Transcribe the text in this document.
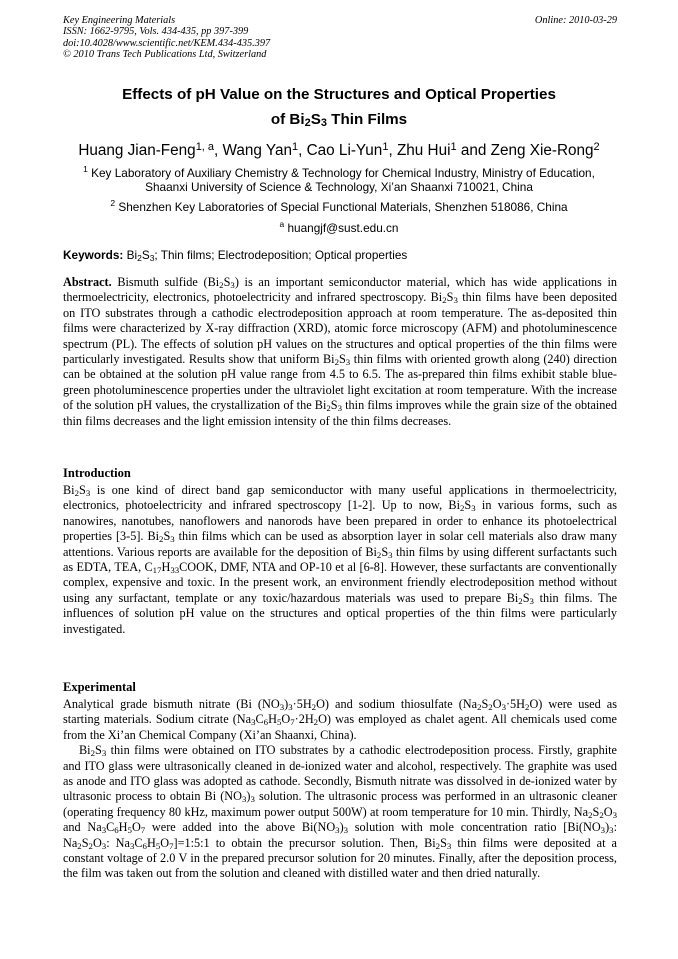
Key Engineering Materials
ISSN: 1662-9795, Vols. 434-435, pp 397-399
doi:10.4028/www.scientific.net/KEM.434-435.397
© 2010 Trans Tech Publications Ltd, Switzerland
Online: 2010-03-29
Effects of pH Value on the Structures and Optical Properties
of $Bi_2S_3$ Thin Films
Huang Jian-Feng$^{1, a}$, Wang Yan$^1$, Cao Li-Yun$^1$, Zhu Hui$^1$ and Zeng Xie-Rong$^2$
$^1$ Key Laboratory of Auxiliary Chemistry & Technology for Chemical Industry, Ministry of Education,
Shaanxi University of Science & Technology, Xi’an Shaanxi 710021, China
$^2$ Shenzhen Key Laboratories of Special Functional Materials, Shenzhen 518086, China
$^a$ huangjf@sust.edu.cn
Keywords: $Bi_2S_3$; Thin films; Electrodeposition; Optical properties

Abstract. Bismuth sulfide $(Bi_2S_3)$ is an important semiconductor material, which has wide applications in thermoelectricity, electronics, photoelectricity and infrared spectroscopy. $Bi_2S_3$ thin films have been deposited on ITO substrates through a cathodic electrodeposition approach at room temperature. The as-deposited thin films were characterized by X-ray diffraction (XRD), atomic force microscopy (AFM) and photoluminescence spectrum (PL). The effects of solution pH values on the structures and optical properties of the thin films were particularly investigated. Results show that uniform $Bi_2S_3$ thin films with oriented growth along (240) direction can be obtained at the solution pH value range from 4.5 to 6.5. The as-prepared thin films exhibit stable blue-green photoluminescence properties under the ultraviolet light excitation at room temperature. With the increase of the solution pH values, the crystallization of the $Bi_2S_3$ thin films improves while the grain size of the obtained thin films decreases and the light emission intensity of the thin films decreases.

Introduction

$Bi_2S_3$ is one kind of direct band gap semiconductor with many useful applications in thermoelectricity, electronics, photoelectricity and infrared spectroscopy [1-2]. Up to now, $Bi_2S_3$ in various forms, such as nanowires, nanotubes, nanoflowers and nanorods have been prepared in order to enhance its photoelectrical properties [3-5]. $Bi_2S_3$ thin films which can be used as absorption layer in solar cell materials also draw many attentions. Various reports are available for the deposition of $Bi_2S_3$ thin films by using different surfactants such as EDTA, TEA, $C_{17}H_{33}COOK$, DMF, NTA and OP-10 et al [6-8]. However, these surfactants are conventionally complex, expensive and toxic. In the present work, an environment friendly electrodeposition method without using any surfactant, template or any toxic/hazardous materials was used to prepare $Bi_2S_3$ thin films. The influences of solution pH value on the structures and optical properties of the thin films were particularly investigated.

Experimental

Analytical grade bismuth nitrate (Bi $(NO_3)_3\cdot 5H_2O$) and sodium thiosulfate $(Na_2S_2O_3\cdot 5H_2O)$ were used as starting materials. Sodium citrate $(Na_3C_6H_5O_7\cdot 2H_2O)$ was employed as chalet agent. All chemicals used come from the Xi’an Chemical Company (Xi’an Shaanxi, China).

$Bi_2S_3$ thin films were obtained on ITO substrates by a cathodic electrodeposition process. Firstly, graphite and ITO glass were ultrasonically cleaned in de-ionized water and alcohol, respectively. The graphite was used as anode and ITO glass was adopted as cathode. Secondly, Bismuth nitrate was dissolved in de-ionized water by ultrasonic process to obtain Bi $(NO_3)_3$ solution. The ultrasonic process was performed in an ultrasonic cleaner (operating frequency 80 kHz, maximum power output 500W) at room temperature for 10 min. Thirdly, $Na_2S_2O_3$ and $Na_3C_6H_5O_7$ were added into the above $Bi(NO_3)_3$ solution with mole concentration ratio [$Bi(NO_3)_3$: $Na_2S_2O_3$: $Na_3C_6H_5O_7]=1:5:1$ to obtain the precursor solution. Then, $Bi_2S_3$ thin films were deposited at a constant voltage of 2.0 V in the prepared precursor solution for 20 minutes. Finally, after the deposition process, the film was taken out from the solution and cleaned with distilled water and then dried naturally.
